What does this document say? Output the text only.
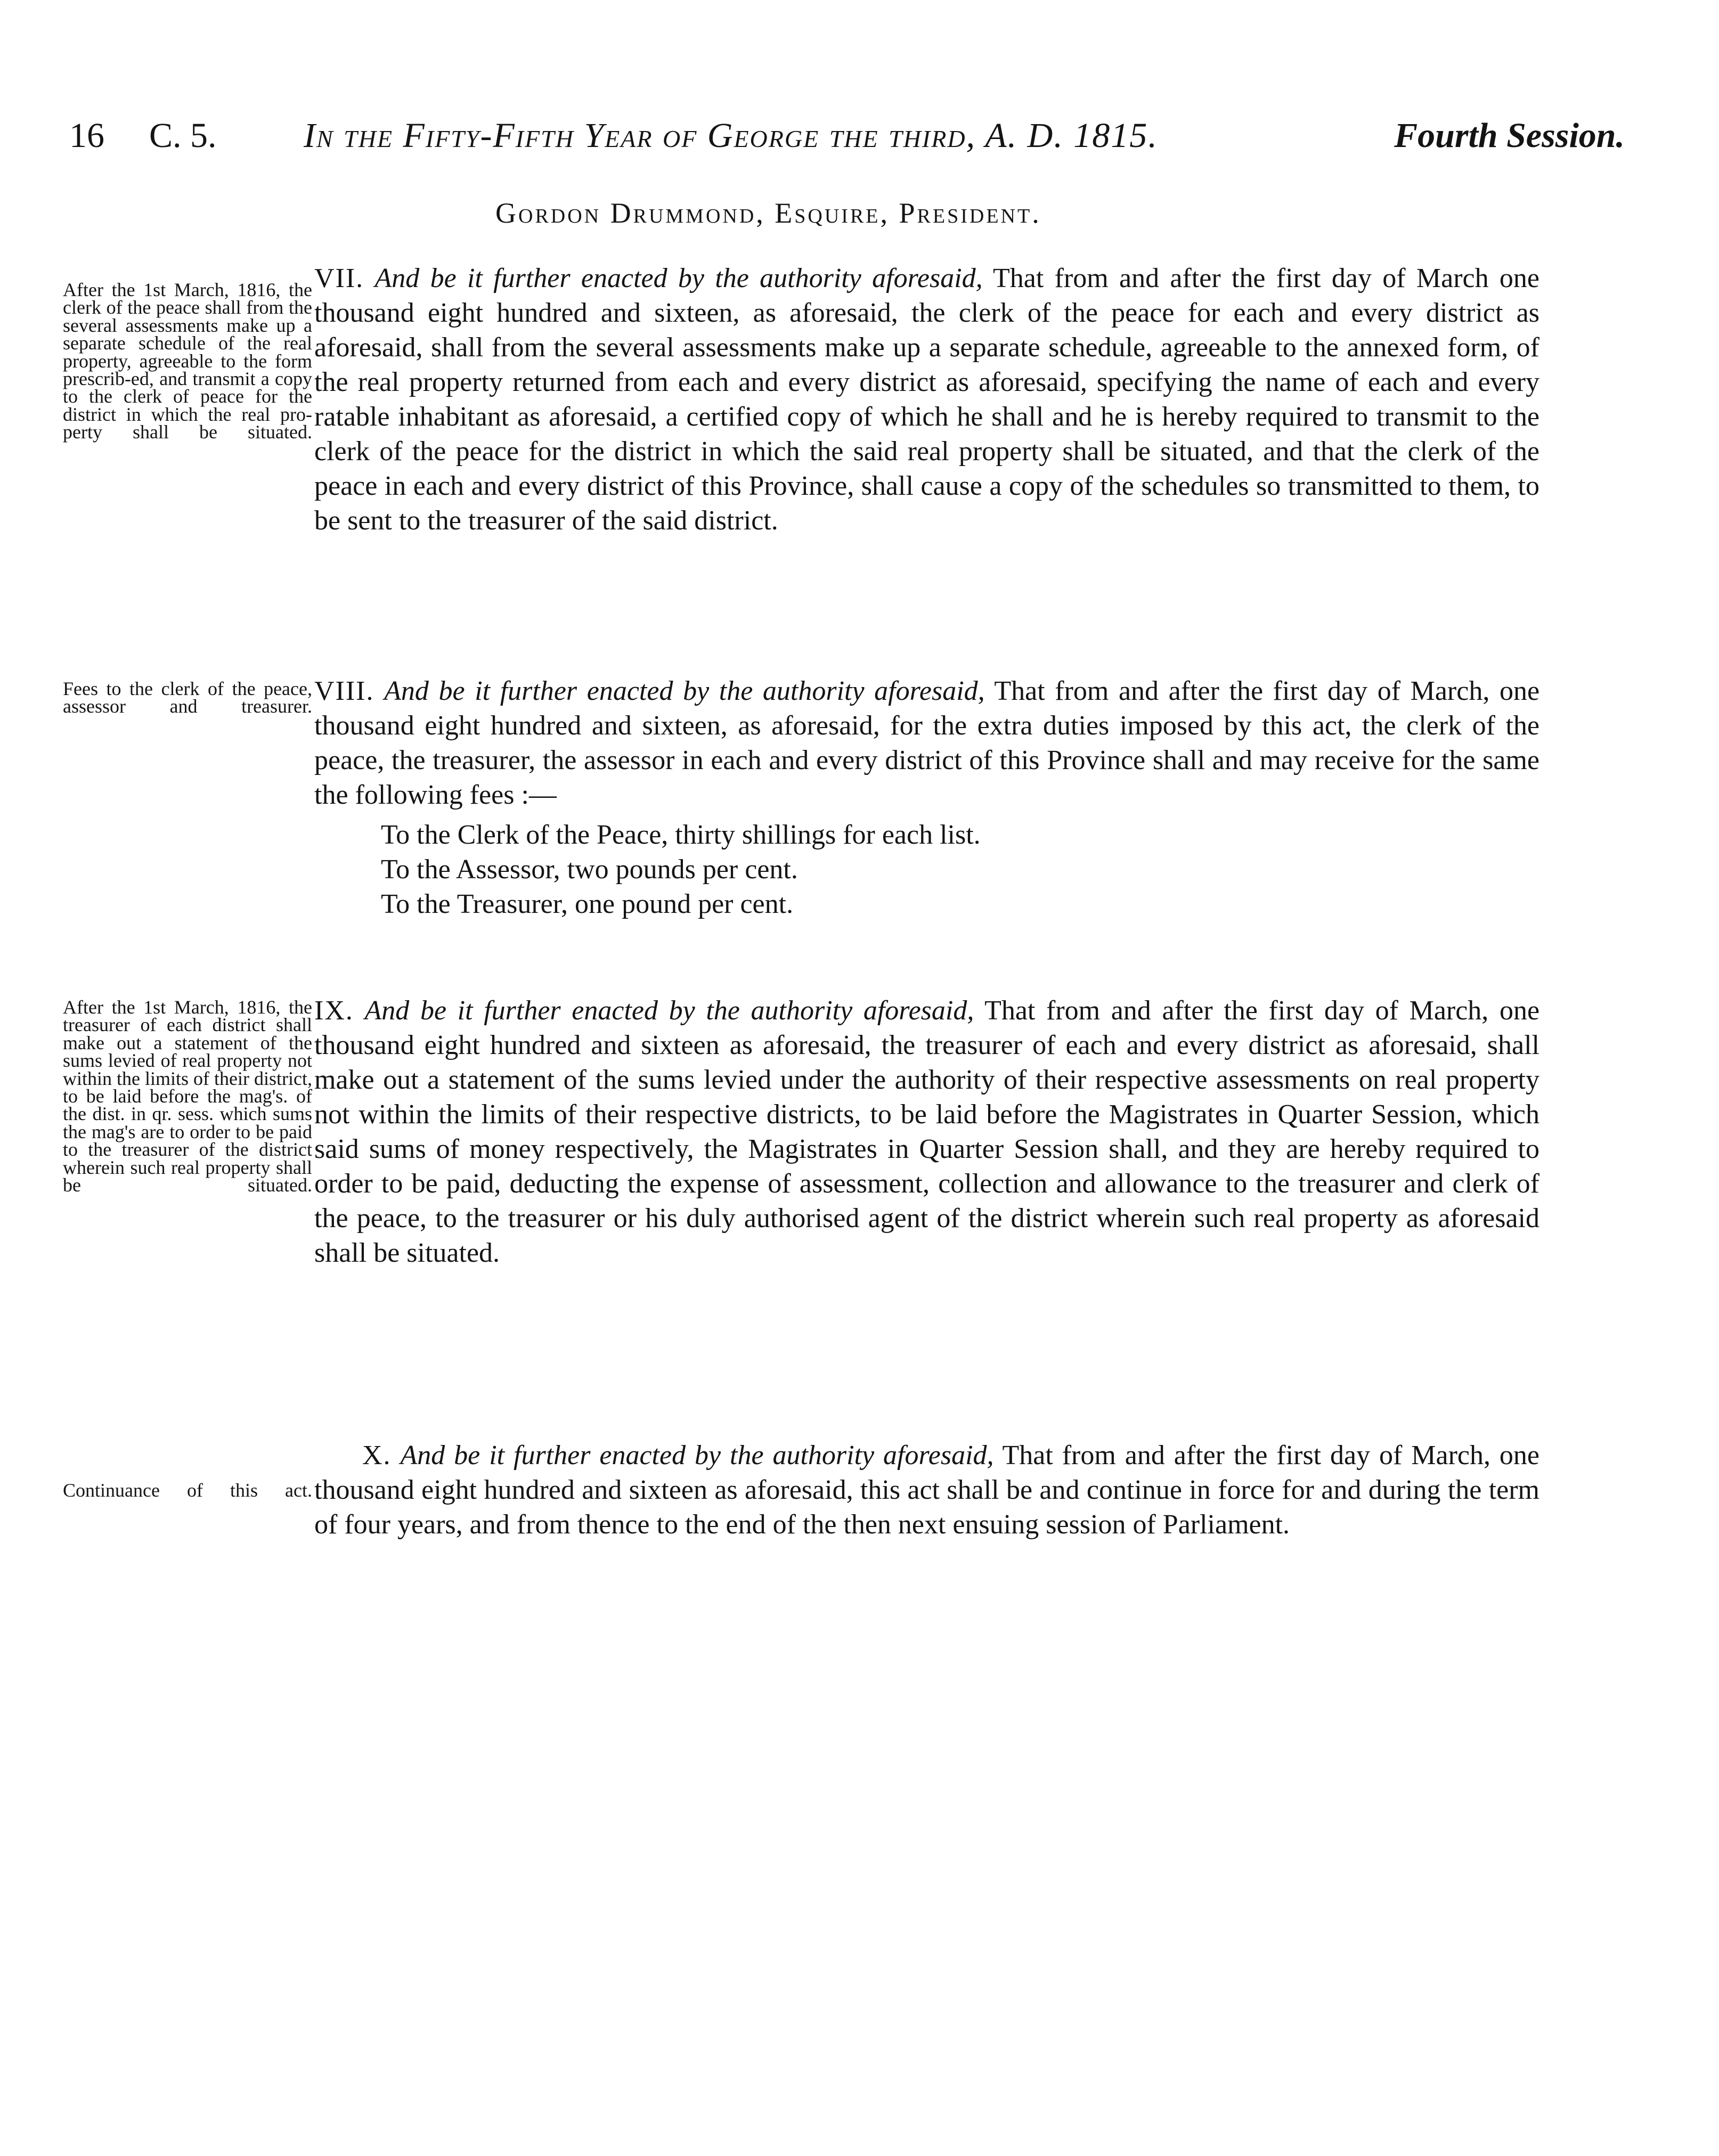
16 C. 5. In the Fifty-Fifth Year of George the third, A. D. 1815.	Fourth Session.
Gordon Drummond, Esquire, President.
After the 1st March, 1816, the clerk of the peace shall from the several assessments make up a separate schedule of the real property, agreeable to the form prescrib-ed, and transmit a copy to the clerk of peace for the district in which the real pro-perty shall be situated.
VII. And be it further enacted by the authority aforesaid, That from and after the first day of March one thousand eight hundred and sixteen, as aforesaid, the clerk of the peace for each and every district as aforesaid, shall from the several assessments make up a separate schedule, agreeable to the annexed form, of the real property returned from each and every district as aforesaid, specifying the name of each and every ratable inhabitant as aforesaid, a certified copy of which he shall and he is hereby required to transmit to the clerk of the peace for the district in which the said real property shall be situated, and that the clerk of the peace in each and every district of this Province, shall cause a copy of the schedules so transmitted to them, to be sent to the treasurer of the said district.
Fees to the clerk of the peace, assessor and treasurer.
VIII. And be it further enacted by the authority aforesaid, That from and after the first day of March, one thousand eight hundred and sixteen, as aforesaid, for the extra duties imposed by this act, the clerk of the peace, the treasurer, the assessor in each and every district of this Province shall and may receive for the same the following fees :—
To the Clerk of the Peace, thirty shillings for each list.
To the Assessor, two pounds per cent.
To the Treasurer, one pound per cent.
After the 1st March, 1816, the treasurer of each district shall make out a statement of the sums levied of real property not within the limits of their district, to be laid before the mag's. of the dist. in qr. sess. which sums the mag's are to order to be paid to the treasurer of the district wherein such real property shall be situated.
IX. And be it further enacted by the authority aforesaid, That from and after the first day of March, one thousand eight hundred and sixteen as aforesaid, the treasurer of each and every district as aforesaid, shall make out a statement of the sums levied under the authority of their respective assessments on real property not within the limits of their respective districts, to be laid before the Magistrates in Quarter Session, which said sums of money respectively, the Magistrates in Quarter Session shall, and they are hereby required to order to be paid, deducting the expense of assessment, collection and allowance to the treasurer and clerk of the peace, to the treasurer or his duly authorised agent of the district wherein such real property as aforesaid shall be situated.
Continuance of this act.
X. And be it further enacted by the authority aforesaid, That from and after the first day of March, one thousand eight hundred and sixteen as aforesaid, this act shall be and continue in force for and during the term of four years, and from thence to the end of the then next ensuing session of Parliament.
